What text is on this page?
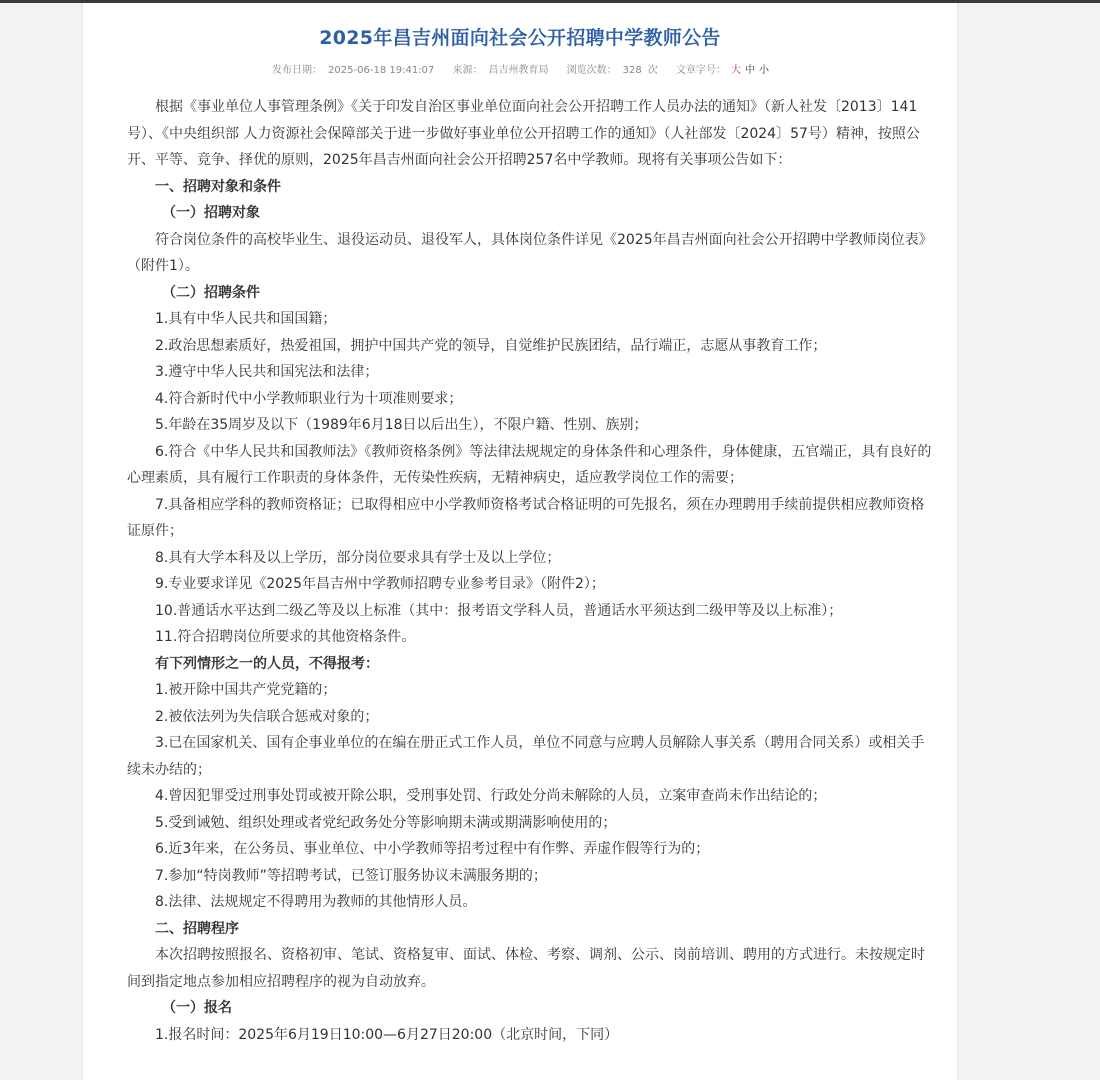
2025年昌吉州面向社会公开招聘中学教师公告
发布日期： 2025-06-18 19:41:07 来源： 昌吉州教育局 浏览次数： 328 次 文章字号： 大 中 小

根据《事业单位人事管理条例》《关于印发自治区事业单位面向社会公开招聘工作人员办法的通知》（新人社发〔2013〕141号）、《中央组织部 人力资源社会保障部关于进一步做好事业单位公开招聘工作的通知》（人社部发〔2024〕57号）精神，按照公开、平等、竞争、择优的原则，2025年昌吉州面向社会公开招聘257名中学教师。现将有关事项公告如下：

一、招聘对象和条件

（一）招聘对象

符合岗位条件的高校毕业生、退役运动员、退役军人，具体岗位条件详见《2025年昌吉州面向社会公开招聘中学教师岗位表》（附件1）。

（二）招聘条件

1.具有中华人民共和国国籍；

2.政治思想素质好，热爱祖国，拥护中国共产党的领导，自觉维护民族团结，品行端正，志愿从事教育工作；

3.遵守中华人民共和国宪法和法律；

4.符合新时代中小学教师职业行为十项准则要求；

5.年龄在35周岁及以下（1989年6月18日以后出生），不限户籍、性别、族别；

6.符合《中华人民共和国教师法》《教师资格条例》等法律法规规定的身体条件和心理条件，身体健康，五官端正，具有良好的心理素质，具有履行工作职责的身体条件，无传染性疾病，无精神病史，适应教学岗位工作的需要；

7.具备相应学科的教师资格证；已取得相应中小学教师资格考试合格证明的可先报名，须在办理聘用手续前提供相应教师资格证原件；

8.具有大学本科及以上学历，部分岗位要求具有学士及以上学位；

9.专业要求详见《2025年昌吉州中学教师招聘专业参考目录》（附件2）；

10.普通话水平达到二级乙等及以上标准（其中：报考语文学科人员，普通话水平须达到二级甲等及以上标准）；

11.符合招聘岗位所要求的其他资格条件。

有下列情形之一的人员，不得报考：

1.被开除中国共产党党籍的；

2.被依法列为失信联合惩戒对象的；

3.已在国家机关、国有企事业单位的在编在册正式工作人员，单位不同意与应聘人员解除人事关系（聘用合同关系）或相关手续未办结的；

4.曾因犯罪受过刑事处罚或被开除公职，受刑事处罚、行政处分尚未解除的人员，立案审查尚未作出结论的；

5.受到诫勉、组织处理或者党纪政务处分等影响期未满或期满影响使用的；

6.近3年来，在公务员、事业单位、中小学教师等招考过程中有作弊、弄虚作假等行为的；

7.参加“特岗教师”等招聘考试，已签订服务协议未满服务期的；

8.法律、法规规定不得聘用为教师的其他情形人员。

二、招聘程序

本次招聘按照报名、资格初审、笔试、资格复审、面试、体检、考察、调剂、公示、岗前培训、聘用的方式进行。未按规定时间到指定地点参加相应招聘程序的视为自动放弃。

（一）报名

1.报名时间：2025年6月19日10:00—6月27日20:00（北京时间，下同）
